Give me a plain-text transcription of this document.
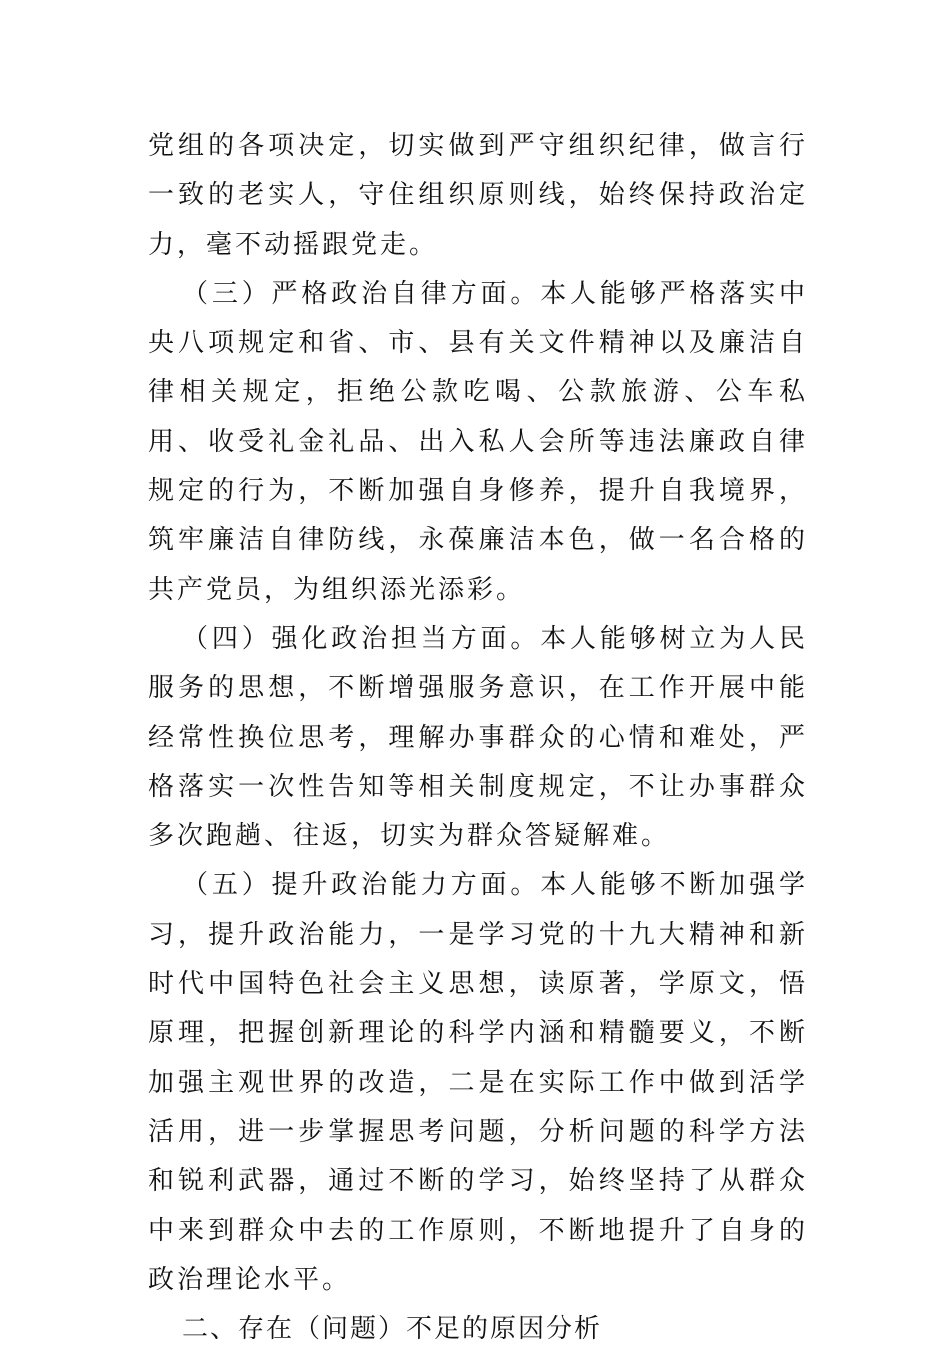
党组的各项决定，切实做到严守组织纪律，做言行一致的老实人，守住组织原则线，始终保持政治定力，毫不动摇跟党走。

（三）严格政治自律方面。本人能够严格落实中央八项规定和省、市、县有关文件精神以及廉洁自律相关规定，拒绝公款吃喝、公款旅游、公车私用、收受礼金礼品、出入私人会所等违法廉政自律规定的行为，不断加强自身修养，提升自我境界，筑牢廉洁自律防线，永葆廉洁本色，做一名合格的共产党员，为组织添光添彩。

（四）强化政治担当方面。本人能够树立为人民服务的思想，不断增强服务意识，在工作开展中能经常性换位思考，理解办事群众的心情和难处，严格落实一次性告知等相关制度规定，不让办事群众多次跑趟、往返，切实为群众答疑解难。

（五）提升政治能力方面。本人能够不断加强学习，提升政治能力，一是学习党的十九大精神和新时代中国特色社会主义思想，读原著，学原文，悟原理，把握创新理论的科学内涵和精髓要义，不断加强主观世界的改造，二是在实际工作中做到活学活用，进一步掌握思考问题，分析问题的科学方法和锐利武器，通过不断的学习，始终坚持了从群众中来到群众中去的工作原则，不断地提升了自身的政治理论水平。

二、存在（问题）不足的原因分析
